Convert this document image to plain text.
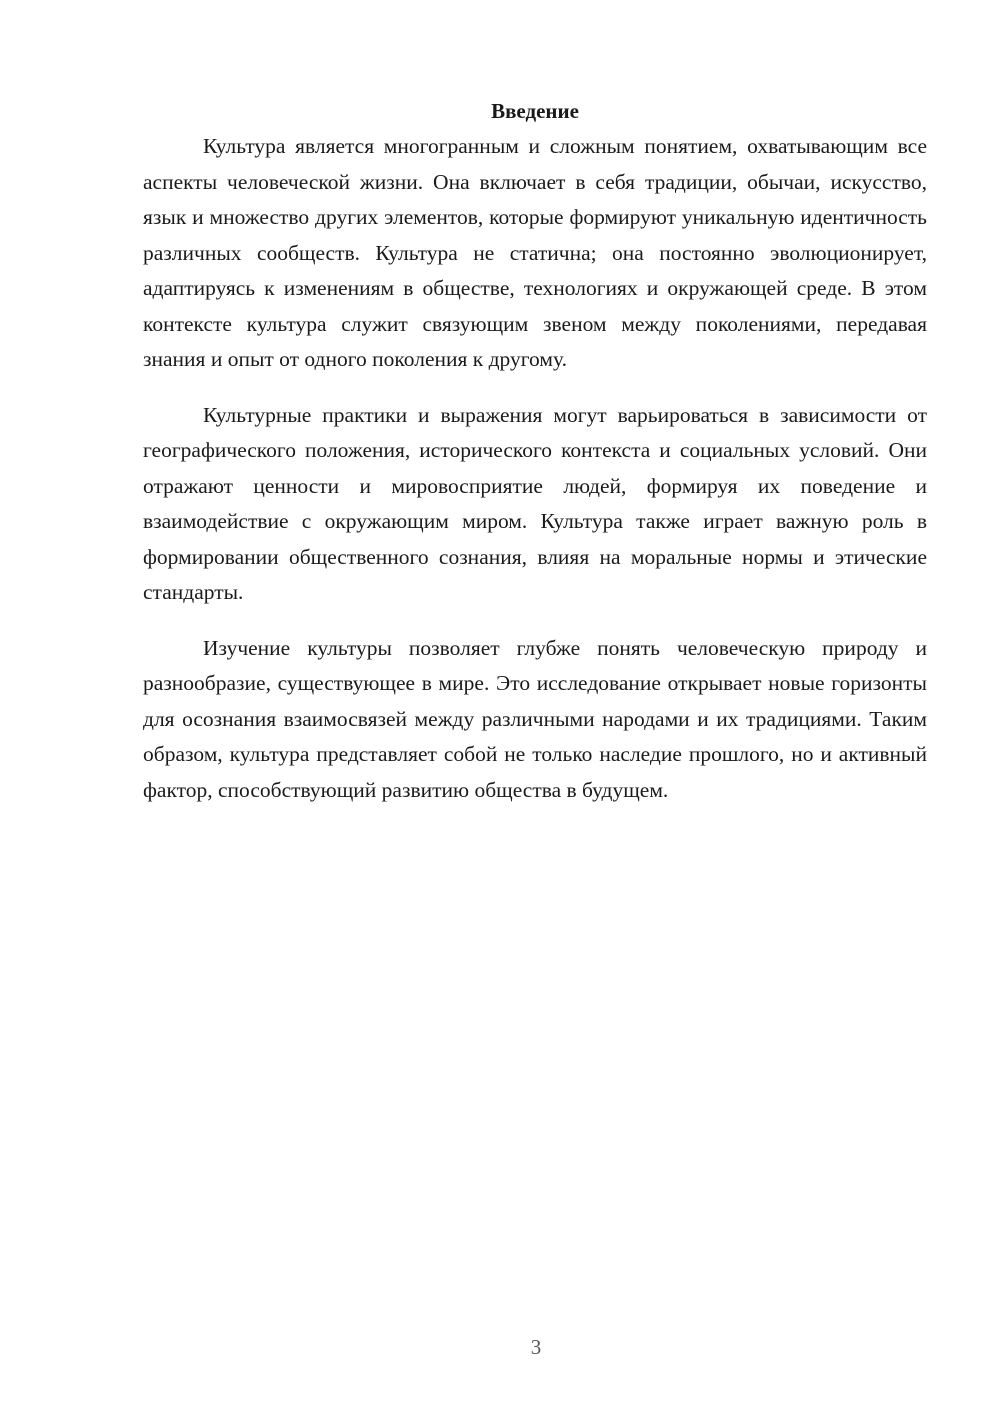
Введение

Культура является многогранным и сложным понятием, охватывающим все аспекты человеческой жизни. Она включает в себя традиции, обычаи, искусство, язык и множество других элементов, которые формируют уникальную идентичность различных сообществ. Культура не статична; она постоянно эволюционирует, адаптируясь к изменениям в обществе, технологиях и окружающей среде. В этом контексте культура служит связующим звеном между поколениями, передавая знания и опыт от одного поколения к другому.

Культурные практики и выражения могут варьироваться в зависимости от географического положения, исторического контекста и социальных условий. Они отражают ценности и мировосприятие людей, формируя их поведение и взаимодействие с окружающим миром. Культура также играет важную роль в формировании общественного сознания, влияя на моральные нормы и этические стандарты.

Изучение культуры позволяет глубже понять человеческую природу и разнообразие, существующее в мире. Это исследование открывает новые горизонты для осознания взаимосвязей между различными народами и их традициями. Таким образом, культура представляет собой не только наследие прошлого, но и активный фактор, способствующий развитию общества в будущем.

3
